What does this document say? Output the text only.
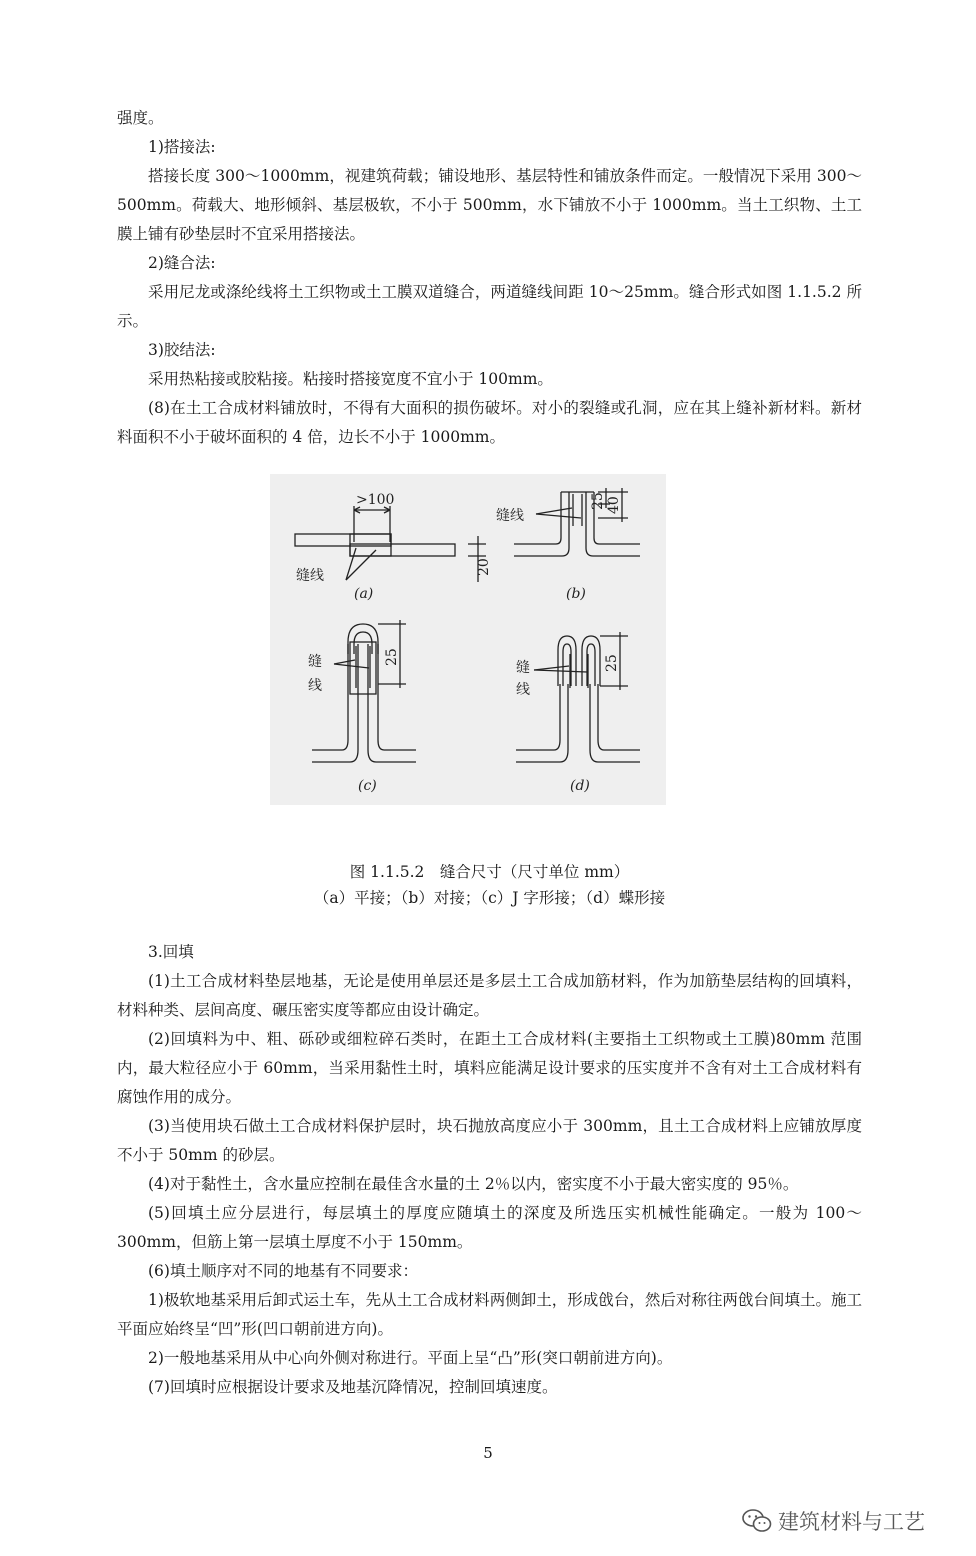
强度。

1)搭接法:

搭接长度 300～1000mm，视建筑荷载；铺设地形、基层特性和铺放条件而定。一般情况下采用 300～500mm。荷载大、地形倾斜、基层极软，不小于 500mm，水下铺放不小于 1000mm。当土工织物、土工膜上铺有砂垫层时不宜采用搭接法。

2)缝合法:

采用尼龙或涤纶线将土工织物或土工膜双道缝合，两道缝线间距 10～25mm。缝合形式如图 1.1.5.2 所示。

3)胶结法:

采用热粘接或胶粘接。粘接时搭接宽度不宜小于 100mm。

(8)在土工合成材料铺放时，不得有大面积的损伤破坏。对小的裂缝或孔洞，应在其上缝补新材料。新材料面积不小于破坏面积的 4 倍，边长不小于 1000mm。

>100
20
25 40
25	25
缝线
缝线
缝
线
缝
线
(a)	(b)
(c)	(d)
图 1.1.5.2　缝合尺寸（尺寸单位 mm）
（a）平接；（b）对接；（c）J 字形接；（d）蝶形接

3.回填

(1)土工合成材料垫层地基，无论是使用单层还是多层土工合成加筋材料，作为加筋垫层结构的回填料，材料种类、层间高度、碾压密实度等都应由设计确定。

(2)回填料为中、粗、砾砂或细粒碎石类时，在距土工合成材料(主要指土工织物或土工膜)80mm 范围内，最大粒径应小于 60mm，当采用黏性土时，填料应能满足设计要求的压实度并不含有对土工合成材料有腐蚀作用的成分。

(3)当使用块石做土工合成材料保护层时，块石抛放高度应小于 300mm，且土工合成材料上应铺放厚度不小于 50mm 的砂层。

(4)对于黏性土，含水量应控制在最佳含水量的土 2％以内，密实度不小于最大密实度的 95％。

(5)回填土应分层进行，每层填土的厚度应随填土的深度及所选压实机械性能确定。一般为 100～300mm，但筋上第一层填土厚度不小于 150mm。

(6)填土顺序对不同的地基有不同要求：

1)极软地基采用后卸式运土车，先从土工合成材料两侧卸土，形成戗台，然后对称往两戗台间填土。施工平面应始终呈“凹”形(凹口朝前进方向)。

2)一般地基采用从中心向外侧对称进行。平面上呈“凸”形(突口朝前进方向)。

(7)回填时应根据设计要求及地基沉降情况，控制回填速度。

5
建筑材料与工艺
